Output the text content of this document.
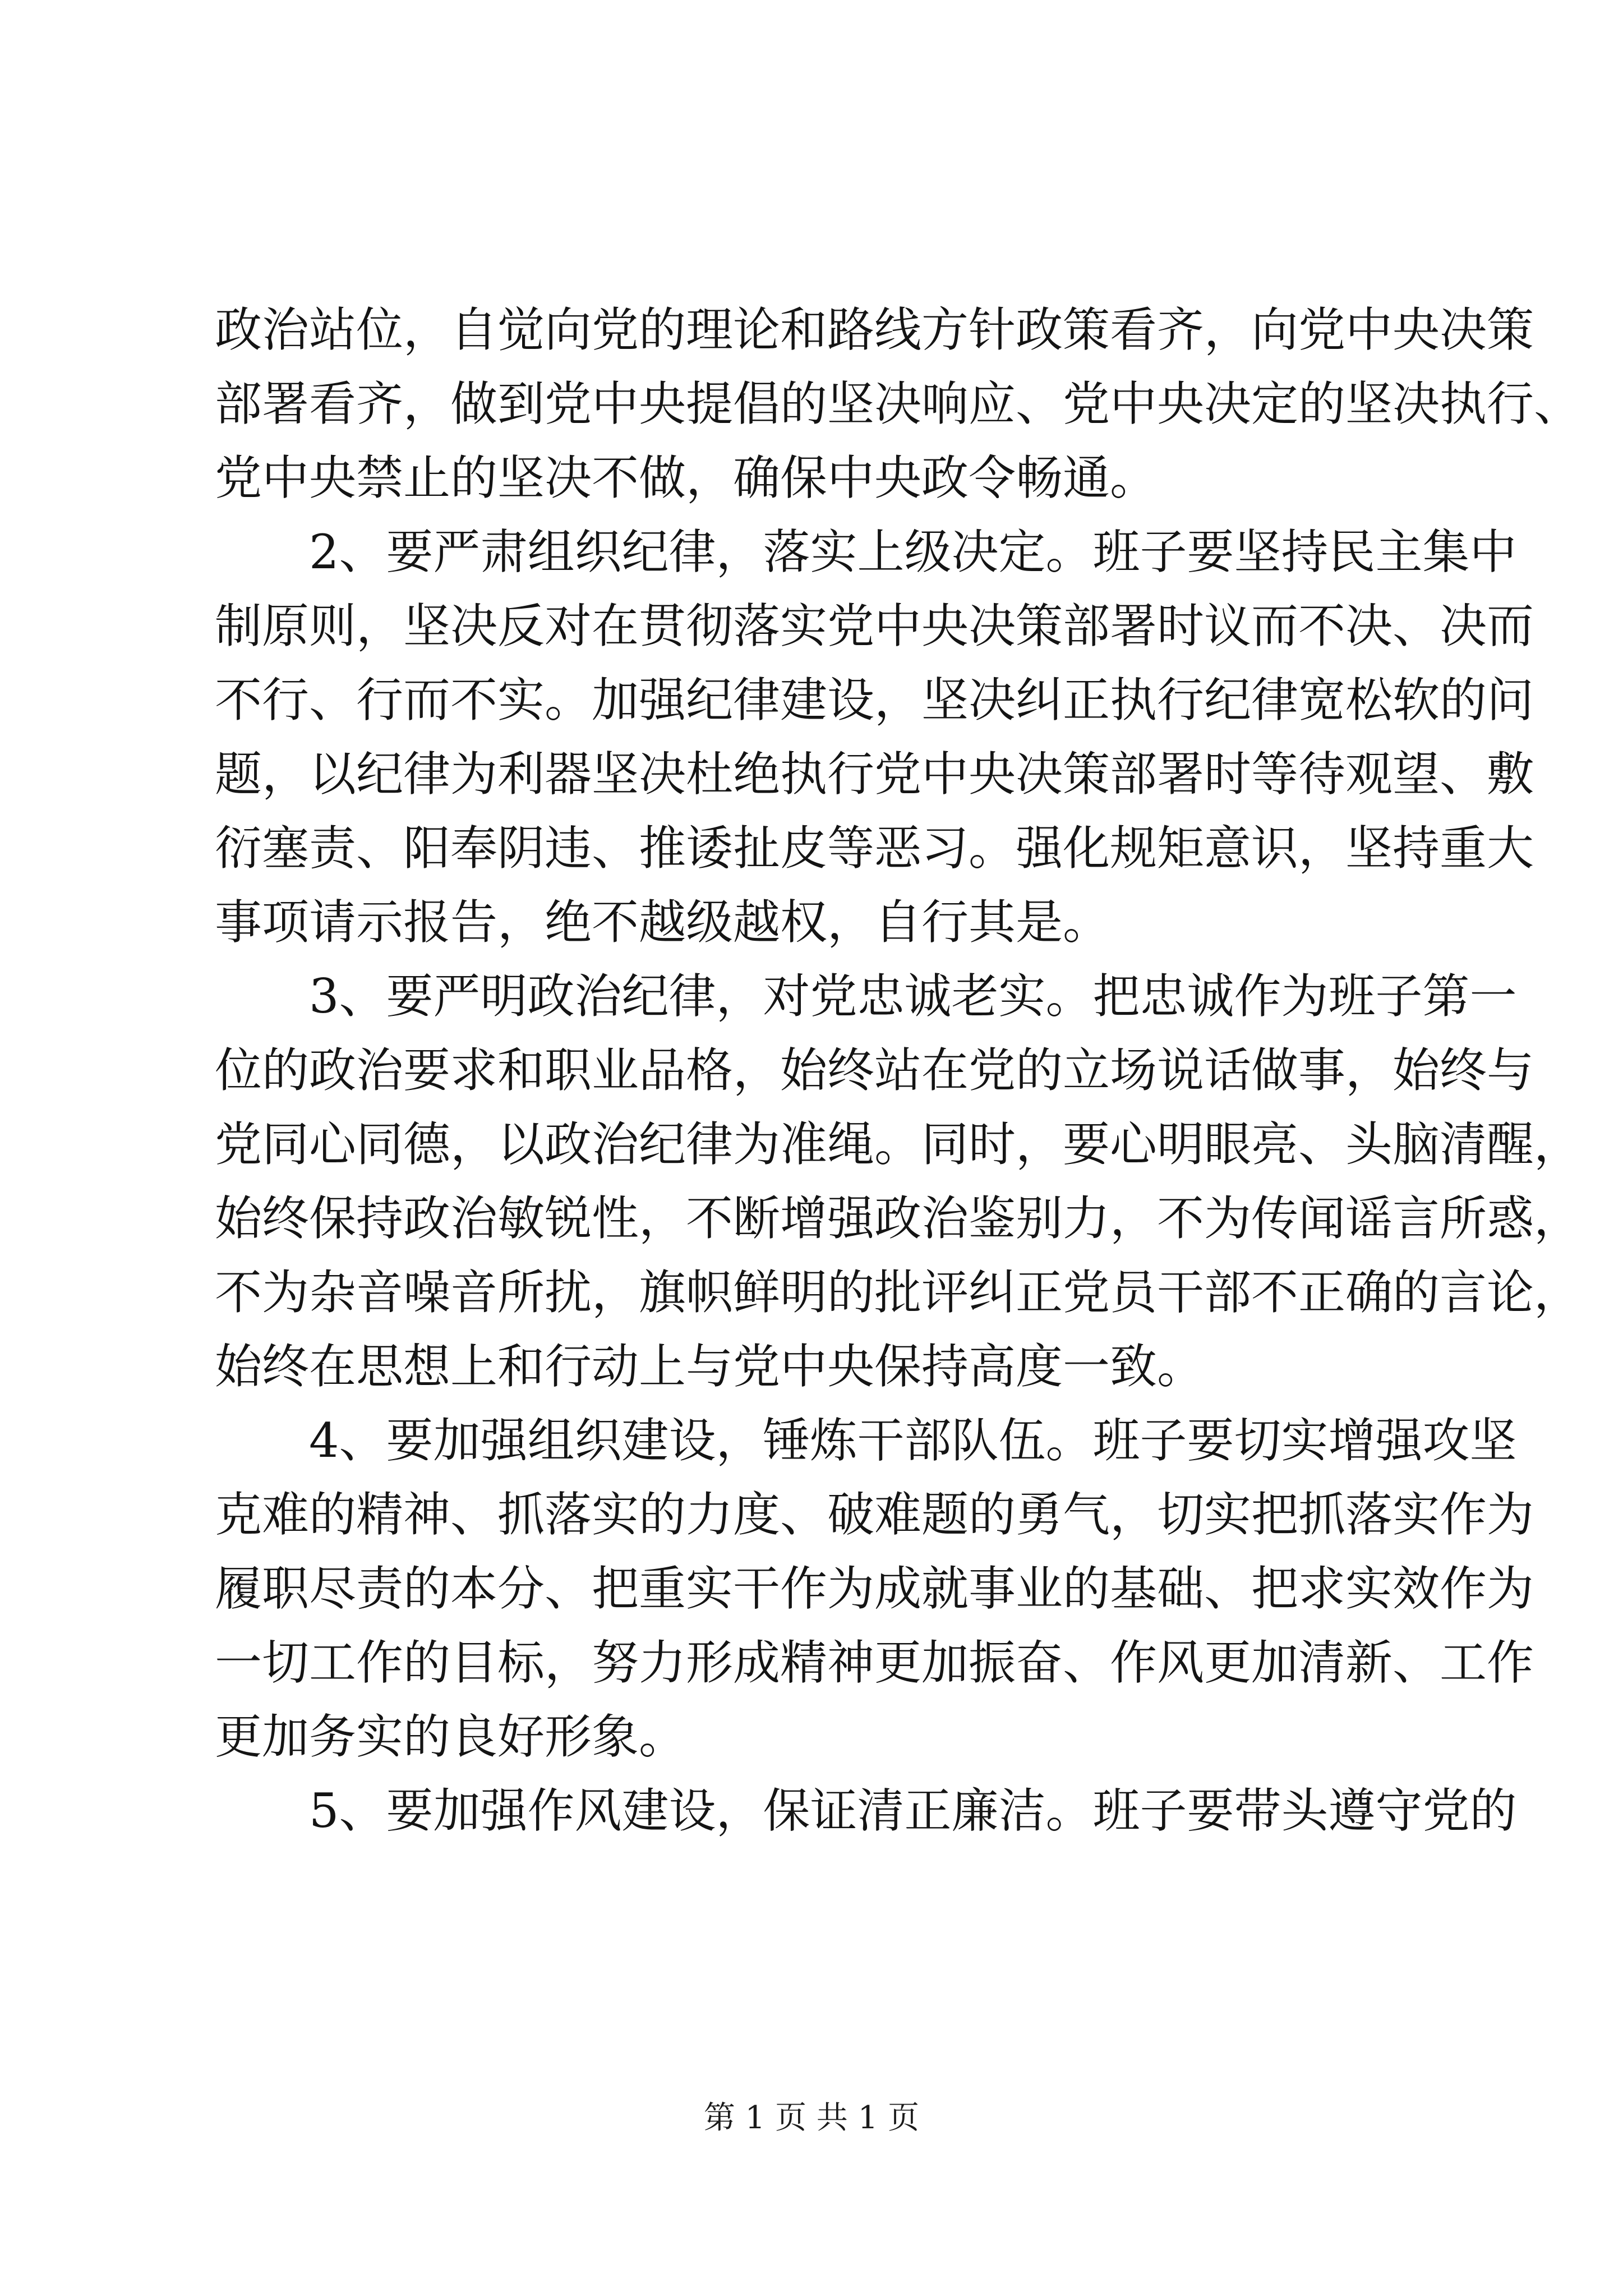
政治站位，自觉向党的理论和路线方针政策看齐，向党中央决策
部署看齐，做到党中央提倡的坚决响应、党中央决定的坚决执行、
党中央禁止的坚决不做，确保中央政令畅通。
2、要严肃组织纪律，落实上级决定。班子要坚持民主集中
制原则，坚决反对在贯彻落实党中央决策部署时议而不决、决而
不行、行而不实。加强纪律建设，坚决纠正执行纪律宽松软的问
题，以纪律为利器坚决杜绝执行党中央决策部署时等待观望、敷
衍塞责、阳奉阴违、推诿扯皮等恶习。强化规矩意识，坚持重大
事项请示报告，绝不越级越权，自行其是。
3、要严明政治纪律，对党忠诚老实。把忠诚作为班子第一
位的政治要求和职业品格，始终站在党的立场说话做事，始终与
党同心同德，以政治纪律为准绳。同时，要心明眼亮、头脑清醒，
始终保持政治敏锐性，不断增强政治鉴别力，不为传闻谣言所惑，
不为杂音噪音所扰，旗帜鲜明的批评纠正党员干部不正确的言论，
始终在思想上和行动上与党中央保持高度一致。
4、要加强组织建设，锤炼干部队伍。班子要切实增强攻坚
克难的精神、抓落实的力度、破难题的勇气，切实把抓落实作为
履职尽责的本分、把重实干作为成就事业的基础、把求实效作为
一切工作的目标，努力形成精神更加振奋、作风更加清新、工作
更加务实的良好形象。
5、要加强作风建设，保证清正廉洁。班子要带头遵守党的
第 1 页 共 1 页
